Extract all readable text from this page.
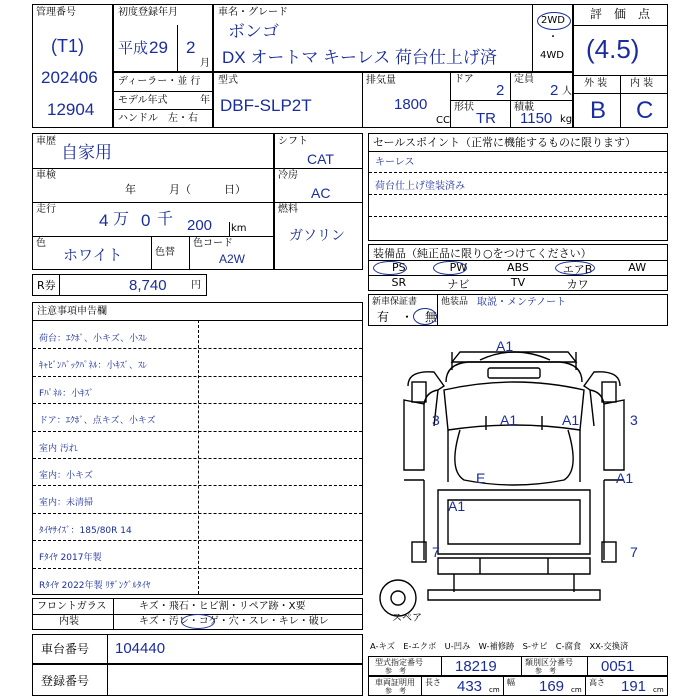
管理番号
(T1)
202406
12904
初度登録年月
平成 29 2
月
ディーラー・並 行
モデル年式	年
ハンドル　左・右
車名・グレード
ボンゴ
DX オートマ キーレス 荷台仕上げ済
2WD
・
4WD
型式
DBF-SLP2T
排気量
1800
CC
ドア
2
定員
2 人
形状
TR
積載
1150 kg
評　価　点
(4.5)
外 装 内 装
B C
車歴
自家用
車検
年　　　月（　　　日）
走行
4 万 0 千 200 km
色
ホワイト	色替
色コード
A2W
シフト
CAT
冷房
AC
燃料
ガソリン
R券	8,740 円
注意事項申告欄
荷台：ｴｸﾎﾞ、小キズ、小ｽﾚ
ｷｬﾋﾞﾝﾊﾞｯｸﾊﾟﾈﾙ：小ｷｽﾞ、ｽﾚ
Fﾊﾟﾈﾙ：小ｷｽﾞ
ドア：ｴｸﾎﾞ、点キズ、小キズ
室内 汚れ
室内：小キズ
室内：未清掃
ﾀｲﾔｻｲｽﾞ：185/80R 14
Fﾀｲﾔ 2017年製
Rﾀｲﾔ 2022年製 ﾘｻﾞﾝｸﾞﾙﾀｲﾔ
フロントガラス	キズ・飛石・ヒビ割・リペア跡・X要
内装	キズ・汚レ・コゲ・穴・スレ・キレ・破レ
車台番号 104440
登録番号
セールスポイント（正常に機能するものに限ります）
キーレス
荷台仕上げ塗装済み
装備品（純正品に限り○をつけてください）
PS	PW	ABS	エアB	AW
SR	ナビ	TV	カワ
新車保証書
有　・　無
他装品 取説・メンテノート
A1
3	A1	A1	3
E
A1
A1
7	7
スペア
A-キズ　E-エクボ　U-凹み　W-補修跡　S-サビ　C-腐食　XX-交換済
型式指定番号
参　考	18219	類別区分番号
参　考	0051
車両証明用
参　考
長さ 433 cm
幅 169 cm
高さ 191 cm
